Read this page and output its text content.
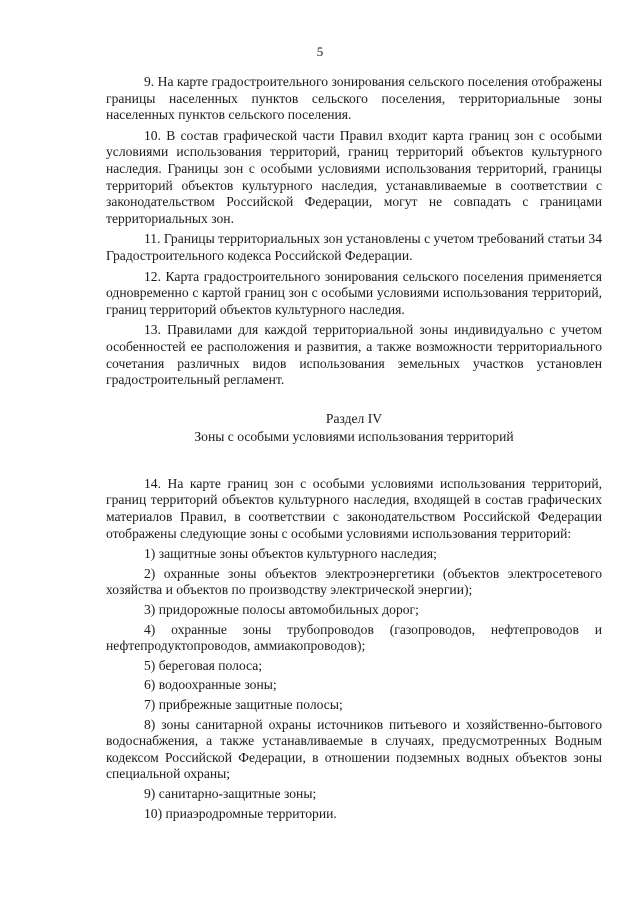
5

9. На карте градостроительного зонирования сельского поселения отображены границы населенных пунктов сельского поселения, территориальные зоны населенных пунктов сельского поселения.

10. В состав графической части Правил входит карта границ зон с особыми условиями использования территорий, границ территорий объектов культурного наследия. Границы зон с особыми условиями использования территорий, границы территорий объектов культурного наследия, устанавливаемые в соответствии с законодательством Российской Федерации, могут не совпадать с границами территориальных зон.

11. Границы территориальных зон установлены с учетом требований статьи 34 Градостроительного кодекса Российской Федерации.

12. Карта градостроительного зонирования сельского поселения применяется одновременно с картой границ зон с особыми условиями использования территорий, границ территорий объектов культурного наследия.

13. Правилами для каждой территориальной зоны индивидуально с учетом особенностей ее расположения и развития, а также возможности территориального сочетания различных видов использования земельных участков установлен градостроительный регламент.

Раздел IV
Зоны с особыми условиями использования территорий

14. На карте границ зон с особыми условиями использования территорий, границ территорий объектов культурного наследия, входящей в состав графических материалов Правил, в соответствии с законодательством Российской Федерации отображены следующие зоны с особыми условиями использования территорий:

1) защитные зоны объектов культурного наследия;

2) охранные зоны объектов электроэнергетики (объектов электросетевого хозяйства и объектов по производству электрической энергии);

3) придорожные полосы автомобильных дорог;

4) охранные зоны трубопроводов (газопроводов, нефтепроводов и нефтепродуктопроводов, аммиакопроводов);

5) береговая полоса;

6) водоохранные зоны;

7) прибрежные защитные полосы;

8) зоны санитарной охраны источников питьевого и хозяйственно-бытового водоснабжения, а также устанавливаемые в случаях, предусмотренных Водным кодексом Российской Федерации, в отношении подземных водных объектов зоны специальной охраны;

9) санитарно-защитные зоны;

10) приаэродромные территории.
